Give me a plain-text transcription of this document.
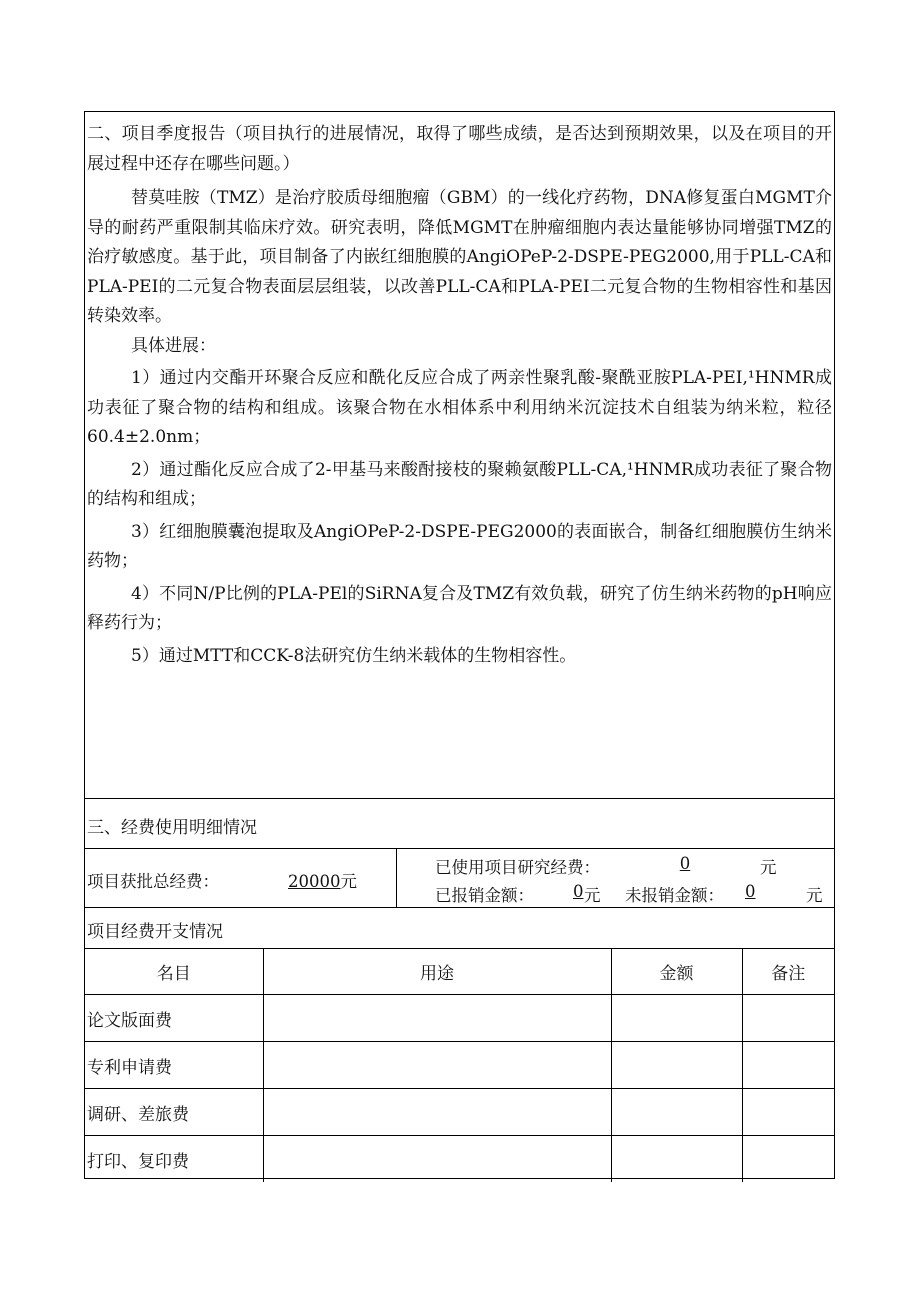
二、项目季度报告（项目执行的进展情况，取得了哪些成绩，是否达到预期效果，以及在项目的开展过程中还存在哪些问题。）

替莫哇胺（TMZ）是治疗胶质母细胞瘤（GBM）的一线化疗药物，DNA修复蛋白MGMT介导的耐药严重限制其临床疗效。研究表明，降低MGMT在肿瘤细胞内表达量能够协同增强TMZ的治疗敏感度。基于此，项目制备了内嵌红细胞膜的AngiOPeP-2-DSPE-PEG2000,用于PLL-CA和PLA-PEI的二元复合物表面层层组装，以改善PLL-CA和PLA-PEI二元复合物的生物相容性和基因转染效率。

具体进展：

1）通过内交酯开环聚合反应和酰化反应合成了两亲性聚乳酸-聚酰亚胺PLA-PEI,¹HNMR成功表征了聚合物的结构和组成。该聚合物在水相体系中利用纳米沉淀技术自组装为纳米粒，粒径60.4±2.0nm；

2）通过酯化反应合成了2-甲基马来酸酎接枝的聚赖氨酸PLL-CA,¹HNMR成功表征了聚合物的结构和组成；

3）红细胞膜囊泡提取及AngiOPeP-2-DSPE-PEG2000的表面嵌合，制备红细胞膜仿生纳米药物；

4）不同N/P比例的PLA-PEl的SiRNA复合及TMZ有效负载，研究了仿生纳米药物的pH响应释药行为；

5）通过MTT和CCK-8法研究仿生纳米载体的生物相容性。

三、经费使用明细情况
项目获批总经费：	20000元
已使用项目研究经费：	0	元
已报销金额： 0 元 未报销金额：	0	元
项目经费开支情况
名目	用途	金额	备注
论文版面费			
专利申请费			
调研、差旅费			
打印、复印费			
